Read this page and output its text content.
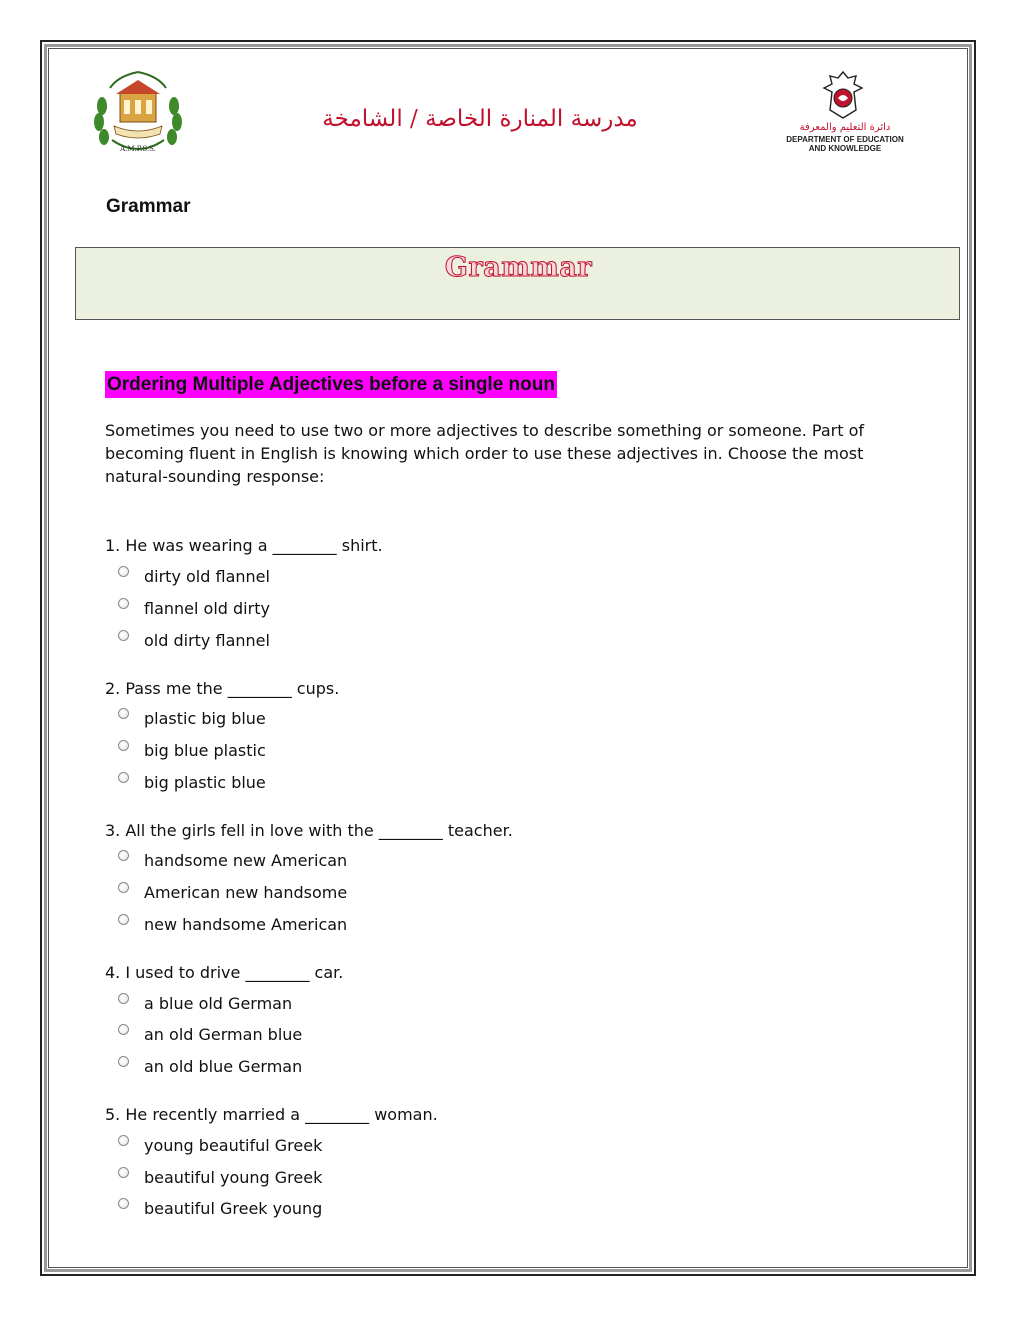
A.M.P.S.S.
مدرسة المنارة الخاصة / الشامخة	دائرة التعليم والمعرفة
DEPARTMENT OF EDUCATION
AND KNOWLEDGE
Grammar
Grammar
Ordering Multiple Adjectives before a single noun
Sometimes you need to use two or more adjectives to describe something or someone. Part of becoming fluent in English is knowing which order to use these adjectives in. Choose the most natural-sounding response:
1. He was wearing a ________ shirt.
dirty old flannel
flannel old dirty
old dirty flannel
2. Pass me the ________ cups.
plastic big blue
big blue plastic
big plastic blue
3. All the girls fell in love with the ________ teacher.
handsome new American
American new handsome
new handsome American
4. I used to drive ________ car.
a blue old German
an old German blue
an old blue German
5. He recently married a ________ woman.
young beautiful Greek
beautiful young Greek
beautiful Greek young
